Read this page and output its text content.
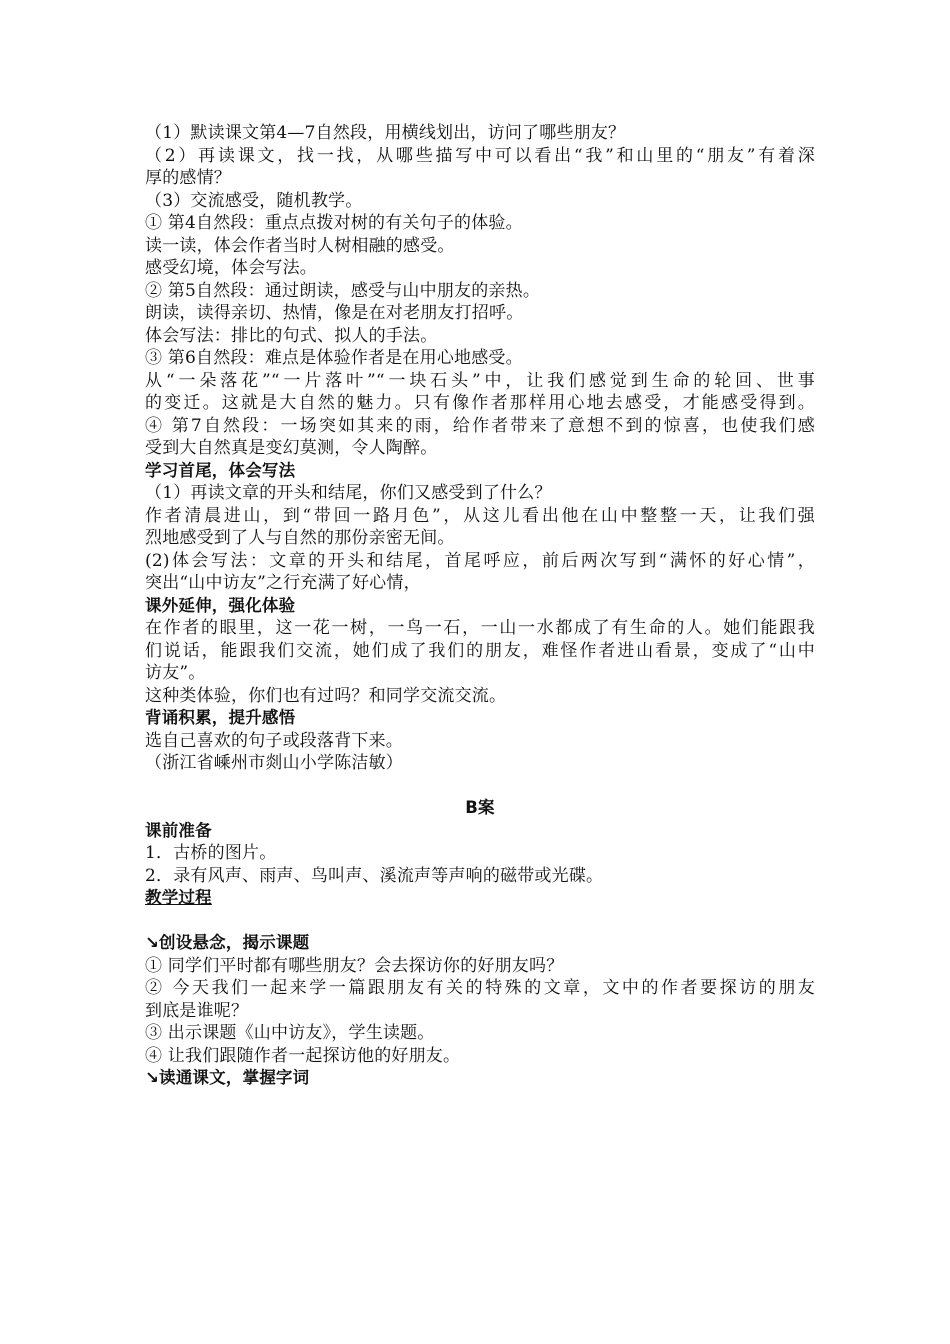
（1）默读课文第4—7自然段，用横线划出，访问了哪些朋友？
（2）再读课文，找一找，从哪些描写中可以看出“我”和山里的“朋友”有着深
厚的感情？
（3）交流感受，随机教学。
① 第4自然段：重点点拨对树的有关句子的体验。
读一读，体会作者当时人树相融的感受。
感受幻境，体会写法。
② 第5自然段：通过朗读，感受与山中朋友的亲热。
朗读，读得亲切、热情，像是在对老朋友打招呼。
体会写法：排比的句式、拟人的手法。
③ 第6自然段：难点是体验作者是在用心地感受。
从“一朵落花”“一片落叶”“一块石头”中，让我们感觉到生命的轮回、世事
的变迁。这就是大自然的魅力。只有像作者那样用心地去感受，才能感受得到。
④ 第7自然段：一场突如其来的雨，给作者带来了意想不到的惊喜，也使我们感
受到大自然真是变幻莫测，令人陶醉。
学习首尾，体会写法
（1）再读文章的开头和结尾，你们又感受到了什么？
作者清晨进山，到“带回一路月色”，从这儿看出他在山中整整一天，让我们强
烈地感受到了人与自然的那份亲密无间。
(2)体会写法：文章的开头和结尾，首尾呼应，前后两次写到“满怀的好心情”，
突出“山中访友”之行充满了好心情，
课外延伸，强化体验
在作者的眼里，这一花一树，一鸟一石，一山一水都成了有生命的人。她们能跟我
们说话，能跟我们交流，她们成了我们的朋友，难怪作者进山看景，变成了“山中
访友”。
这种类体验，你们也有过吗？和同学交流交流。
背诵积累，提升感悟
选自己喜欢的句子或段落背下来。
（浙江省嵊州市剡山小学陈洁敏）
B案
课前准备
1．古桥的图片。
2．录有风声、雨声、鸟叫声、溪流声等声响的磁带或光碟。
教学过程
↘创设悬念，揭示课题
① 同学们平时都有哪些朋友？会去探访你的好朋友吗？
② 今天我们一起来学一篇跟朋友有关的特殊的文章，文中的作者要探访的朋友
到底是谁呢？
③ 出示课题《山中访友》，学生读题。
④ 让我们跟随作者一起探访他的好朋友。
↘读通课文，掌握字词
